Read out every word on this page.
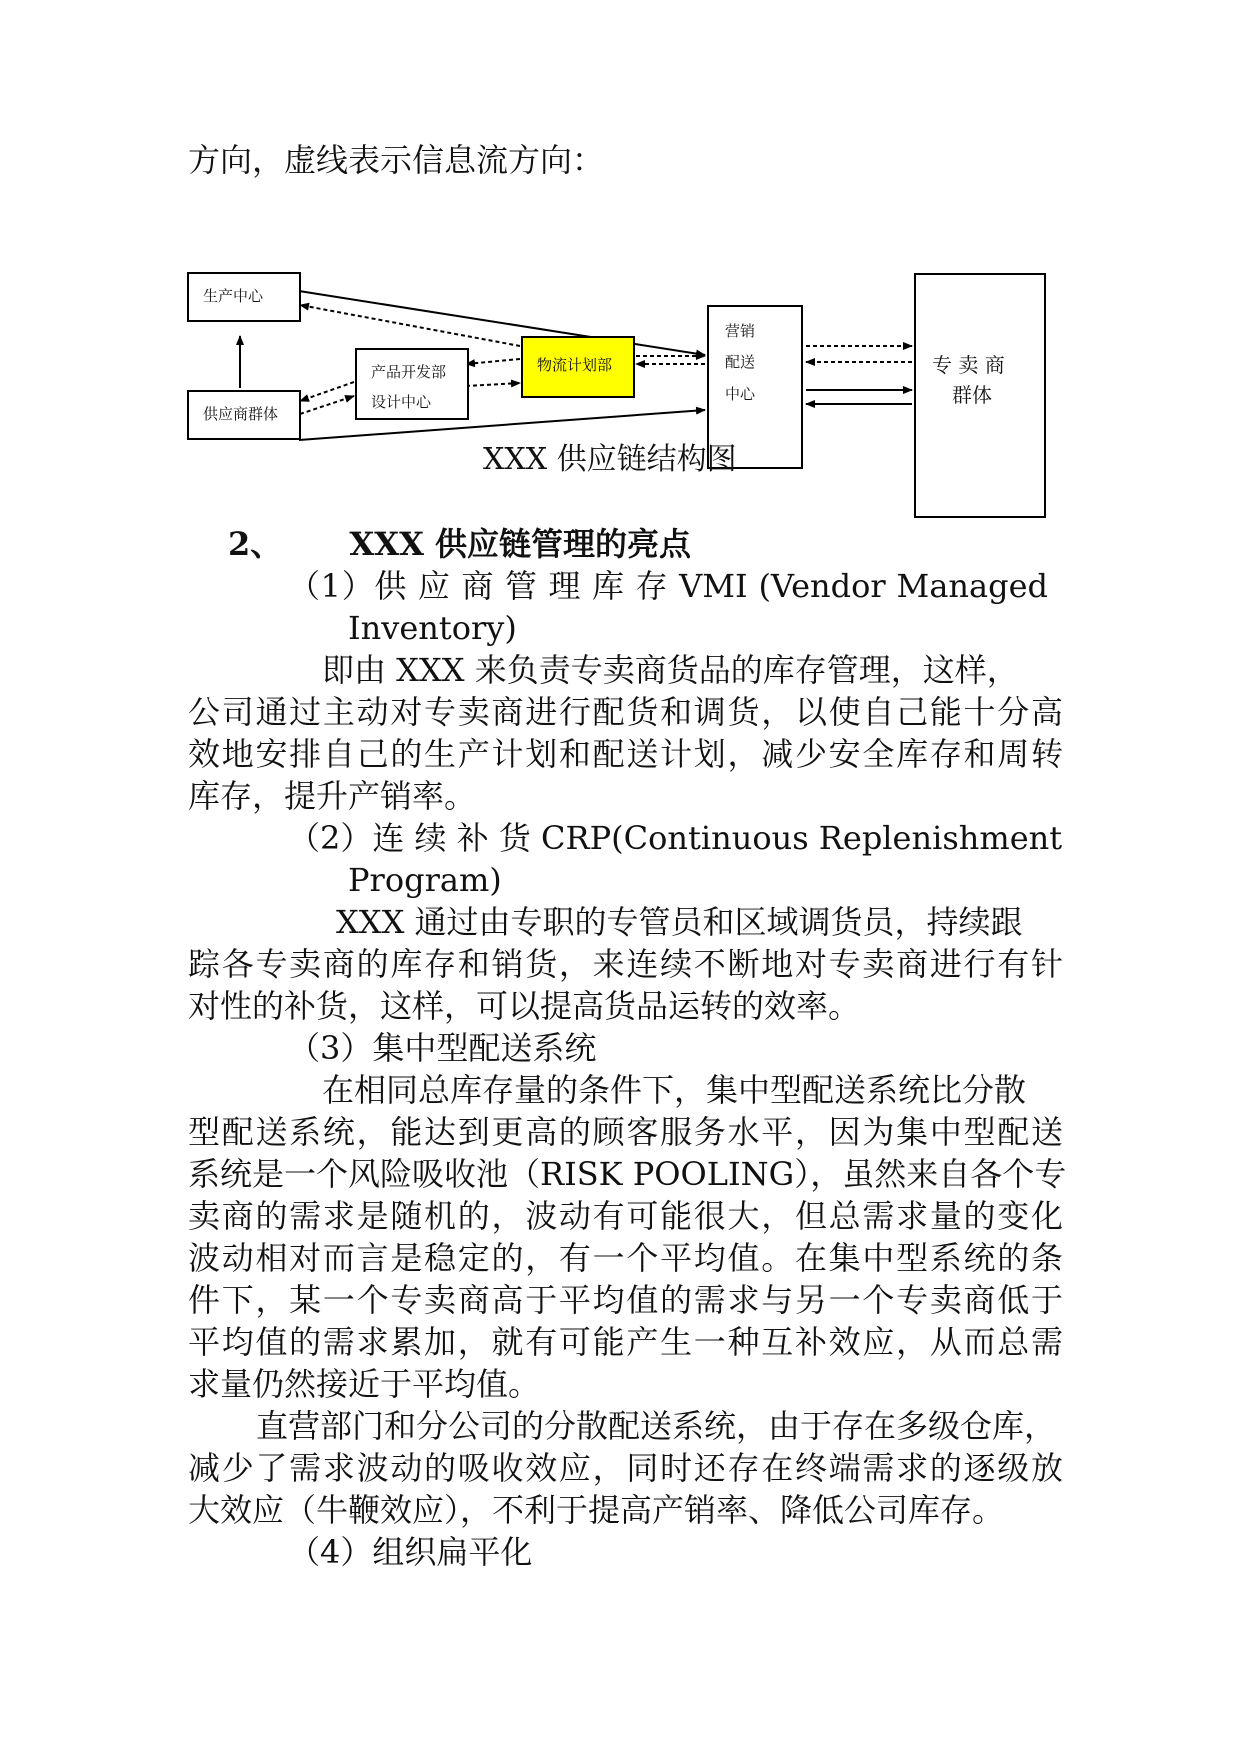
方向，虚线表示信息流方向：
生产中心
供应商群体
产品开发部
设计中心
物流计划部
营销
配送
中心
专 卖 商
群体
XXX 供应链结构图
2、 XXX 供应链管理的亮点
（1）供 应 商 管 理 库 存 VMI (Vendor Managed
Inventory)
即由 XXX 来负责专卖商货品的库存管理，这样，
公司通过主动对专卖商进行配货和调货，以使自己能十分高
效地安排自己的生产计划和配送计划，减少安全库存和周转
库存，提升产销率。
（2）连 续 补 货 CRP(Continuous Replenishment
Program)
XXX 通过由专职的专管员和区域调货员，持续跟
踪各专卖商的库存和销货，来连续不断地对专卖商进行有针
对性的补货，这样，可以提高货品运转的效率。
（3）集中型配送系统
在相同总库存量的条件下，集中型配送系统比分散
型配送系统，能达到更高的顾客服务水平，因为集中型配送
系统是一个风险吸收池（RISK POOLING），虽然来自各个专
卖商的需求是随机的，波动有可能很大，但总需求量的变化
波动相对而言是稳定的，有一个平均值。在集中型系统的条
件下，某一个专卖商高于平均值的需求与另一个专卖商低于
平均值的需求累加，就有可能产生一种互补效应，从而总需
求量仍然接近于平均值。
直营部门和分公司的分散配送系统，由于存在多级仓库，
减少了需求波动的吸收效应，同时还存在终端需求的逐级放
大效应（牛鞭效应），不利于提高产销率、降低公司库存。
（4）组织扁平化
